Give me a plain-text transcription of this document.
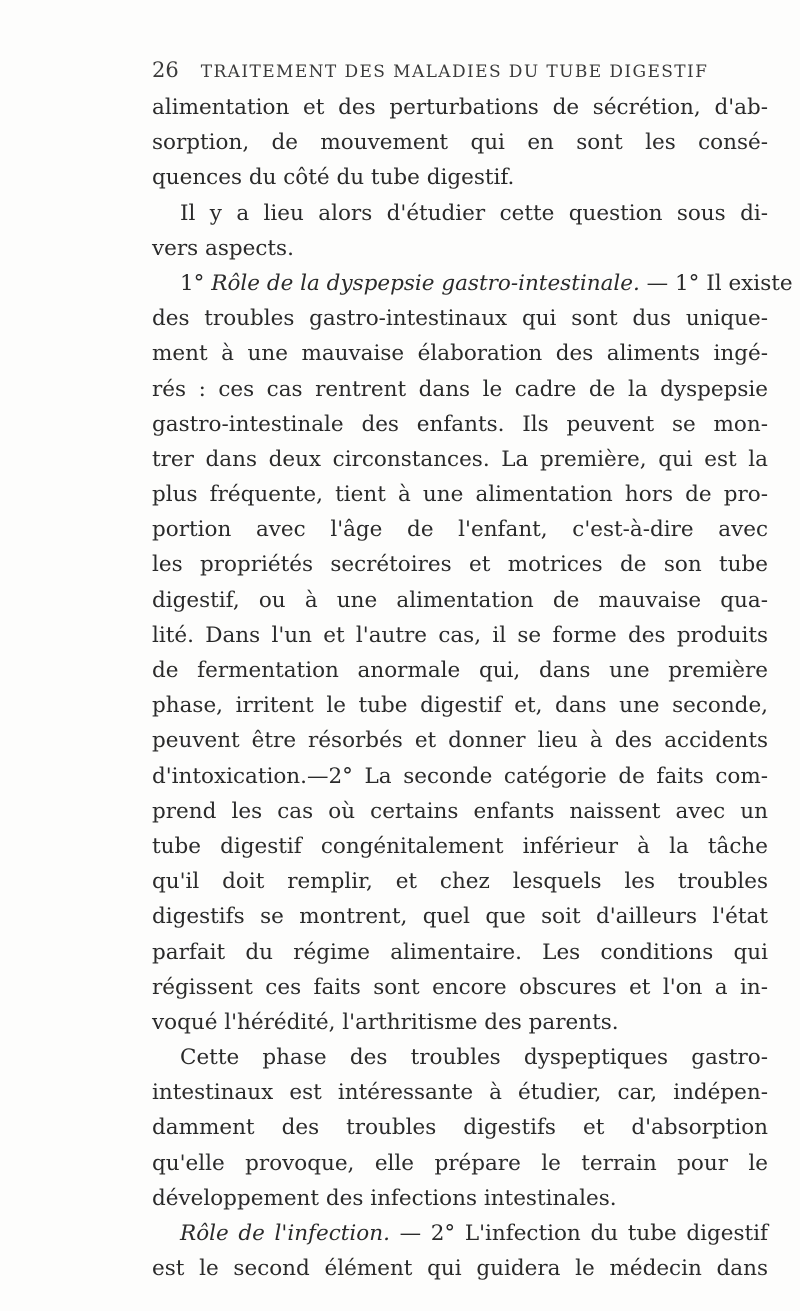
26 TRAITEMENT DES MALADIES DU TUBE DIGESTIF
alimentation et des perturbations de sécrétion, d'ab-
sorption, de mouvement qui en sont les consé-
quences du côté du tube digestif.
Il y a lieu alors d'étudier cette question sous di-
vers aspects.
1° Rôle de la dyspepsie gastro-intestinale. — 1° Il existe
des troubles gastro-intestinaux qui sont dus unique-
ment à une mauvaise élaboration des aliments ingé-
rés : ces cas rentrent dans le cadre de la dyspepsie
gastro-intestinale des enfants. Ils peuvent se mon-
trer dans deux circonstances. La première, qui est la
plus fréquente, tient à une alimentation hors de pro-
portion avec l'âge de l'enfant, c'est-à-dire avec
les propriétés secrétoires et motrices de son tube
digestif, ou à une alimentation de mauvaise qua-
lité. Dans l'un et l'autre cas, il se forme des produits
de fermentation anormale qui, dans une première
phase, irritent le tube digestif et, dans une seconde,
peuvent être résorbés et donner lieu à des accidents
d'intoxication.—2° La seconde catégorie de faits com-
prend les cas où certains enfants naissent avec un
tube digestif congénitalement inférieur à la tâche
qu'il doit remplir, et chez lesquels les troubles
digestifs se montrent, quel que soit d'ailleurs l'état
parfait du régime alimentaire. Les conditions qui
régissent ces faits sont encore obscures et l'on a in-
voqué l'hérédité, l'arthritisme des parents.
Cette phase des troubles dyspeptiques gastro-
intestinaux est intéressante à étudier, car, indépen-
damment des troubles digestifs et d'absorption
qu'elle provoque, elle prépare le terrain pour le
développement des infections intestinales.
Rôle de l'infection. — 2° L'infection du tube digestif
est le second élément qui guidera le médecin dans
